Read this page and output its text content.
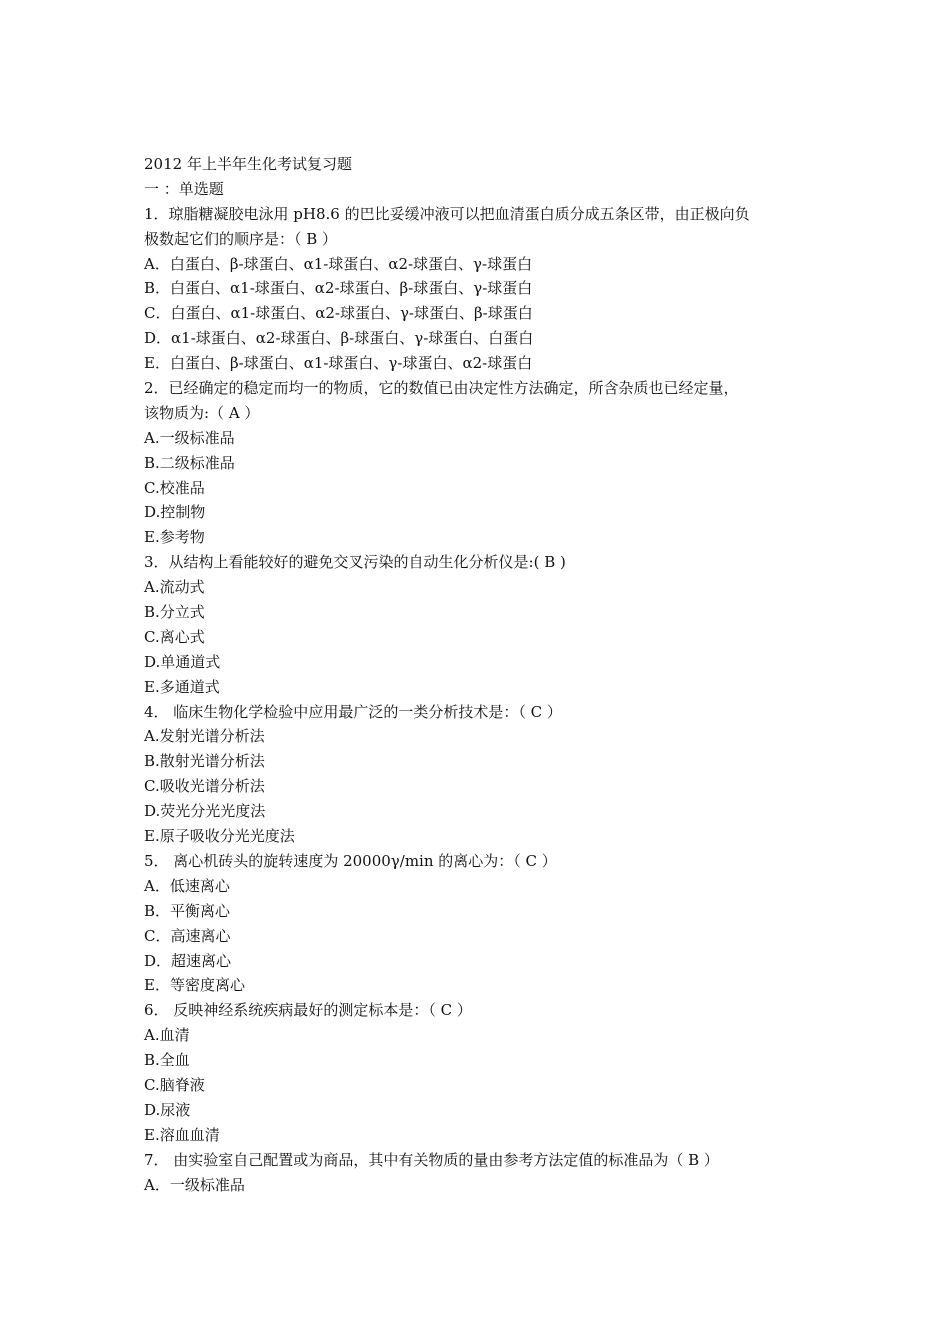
2012 年上半年生化考试复习题
一 ：单选题
1．琼脂糖凝胶电泳用 pH8.6 的巴比妥缓冲液可以把血清蛋白质分成五条区带，由正极向负
极数起它们的顺序是：（ B ）
A．白蛋白、β-球蛋白、α1-球蛋白、α2-球蛋白、γ-球蛋白
B．白蛋白、α1-球蛋白、α2-球蛋白、β-球蛋白、γ-球蛋白
C．白蛋白、α1-球蛋白、α2-球蛋白、γ-球蛋白、β-球蛋白
D．α1-球蛋白、α2-球蛋白、β-球蛋白、γ-球蛋白、白蛋白
E．白蛋白、β-球蛋白、α1-球蛋白、γ-球蛋白、α2-球蛋白
2．已经确定的稳定而均一的物质，它的数值已由决定性方法确定，所含杂质也已经定量，
该物质为:（ A ）
A.一级标准品
B.二级标准品
C.校准品
D.控制物
E.参考物
3．从结构上看能较好的避免交叉污染的自动生化分析仪是:( B )
A.流动式
B.分立式
C.离心式
D.单通道式
E.多通道式
4． 临床生物化学检验中应用最广泛的一类分析技术是：（ C ）
A.发射光谱分析法
B.散射光谱分析法
C.吸收光谱分析法
D.荧光分光光度法
E.原子吸收分光光度法
5． 离心机砖头的旋转速度为 20000γ/min 的离心为：（ C ）
A．低速离心
B．平衡离心
C．高速离心
D．超速离心
E．等密度离心
6． 反映神经系统疾病最好的测定标本是：（ C ）
A.血清
B.全血
C.脑脊液
D.尿液
E.溶血血清
7． 由实验室自己配置或为商品，其中有关物质的量由参考方法定值的标准品为（ B ）
A．一级标准品
